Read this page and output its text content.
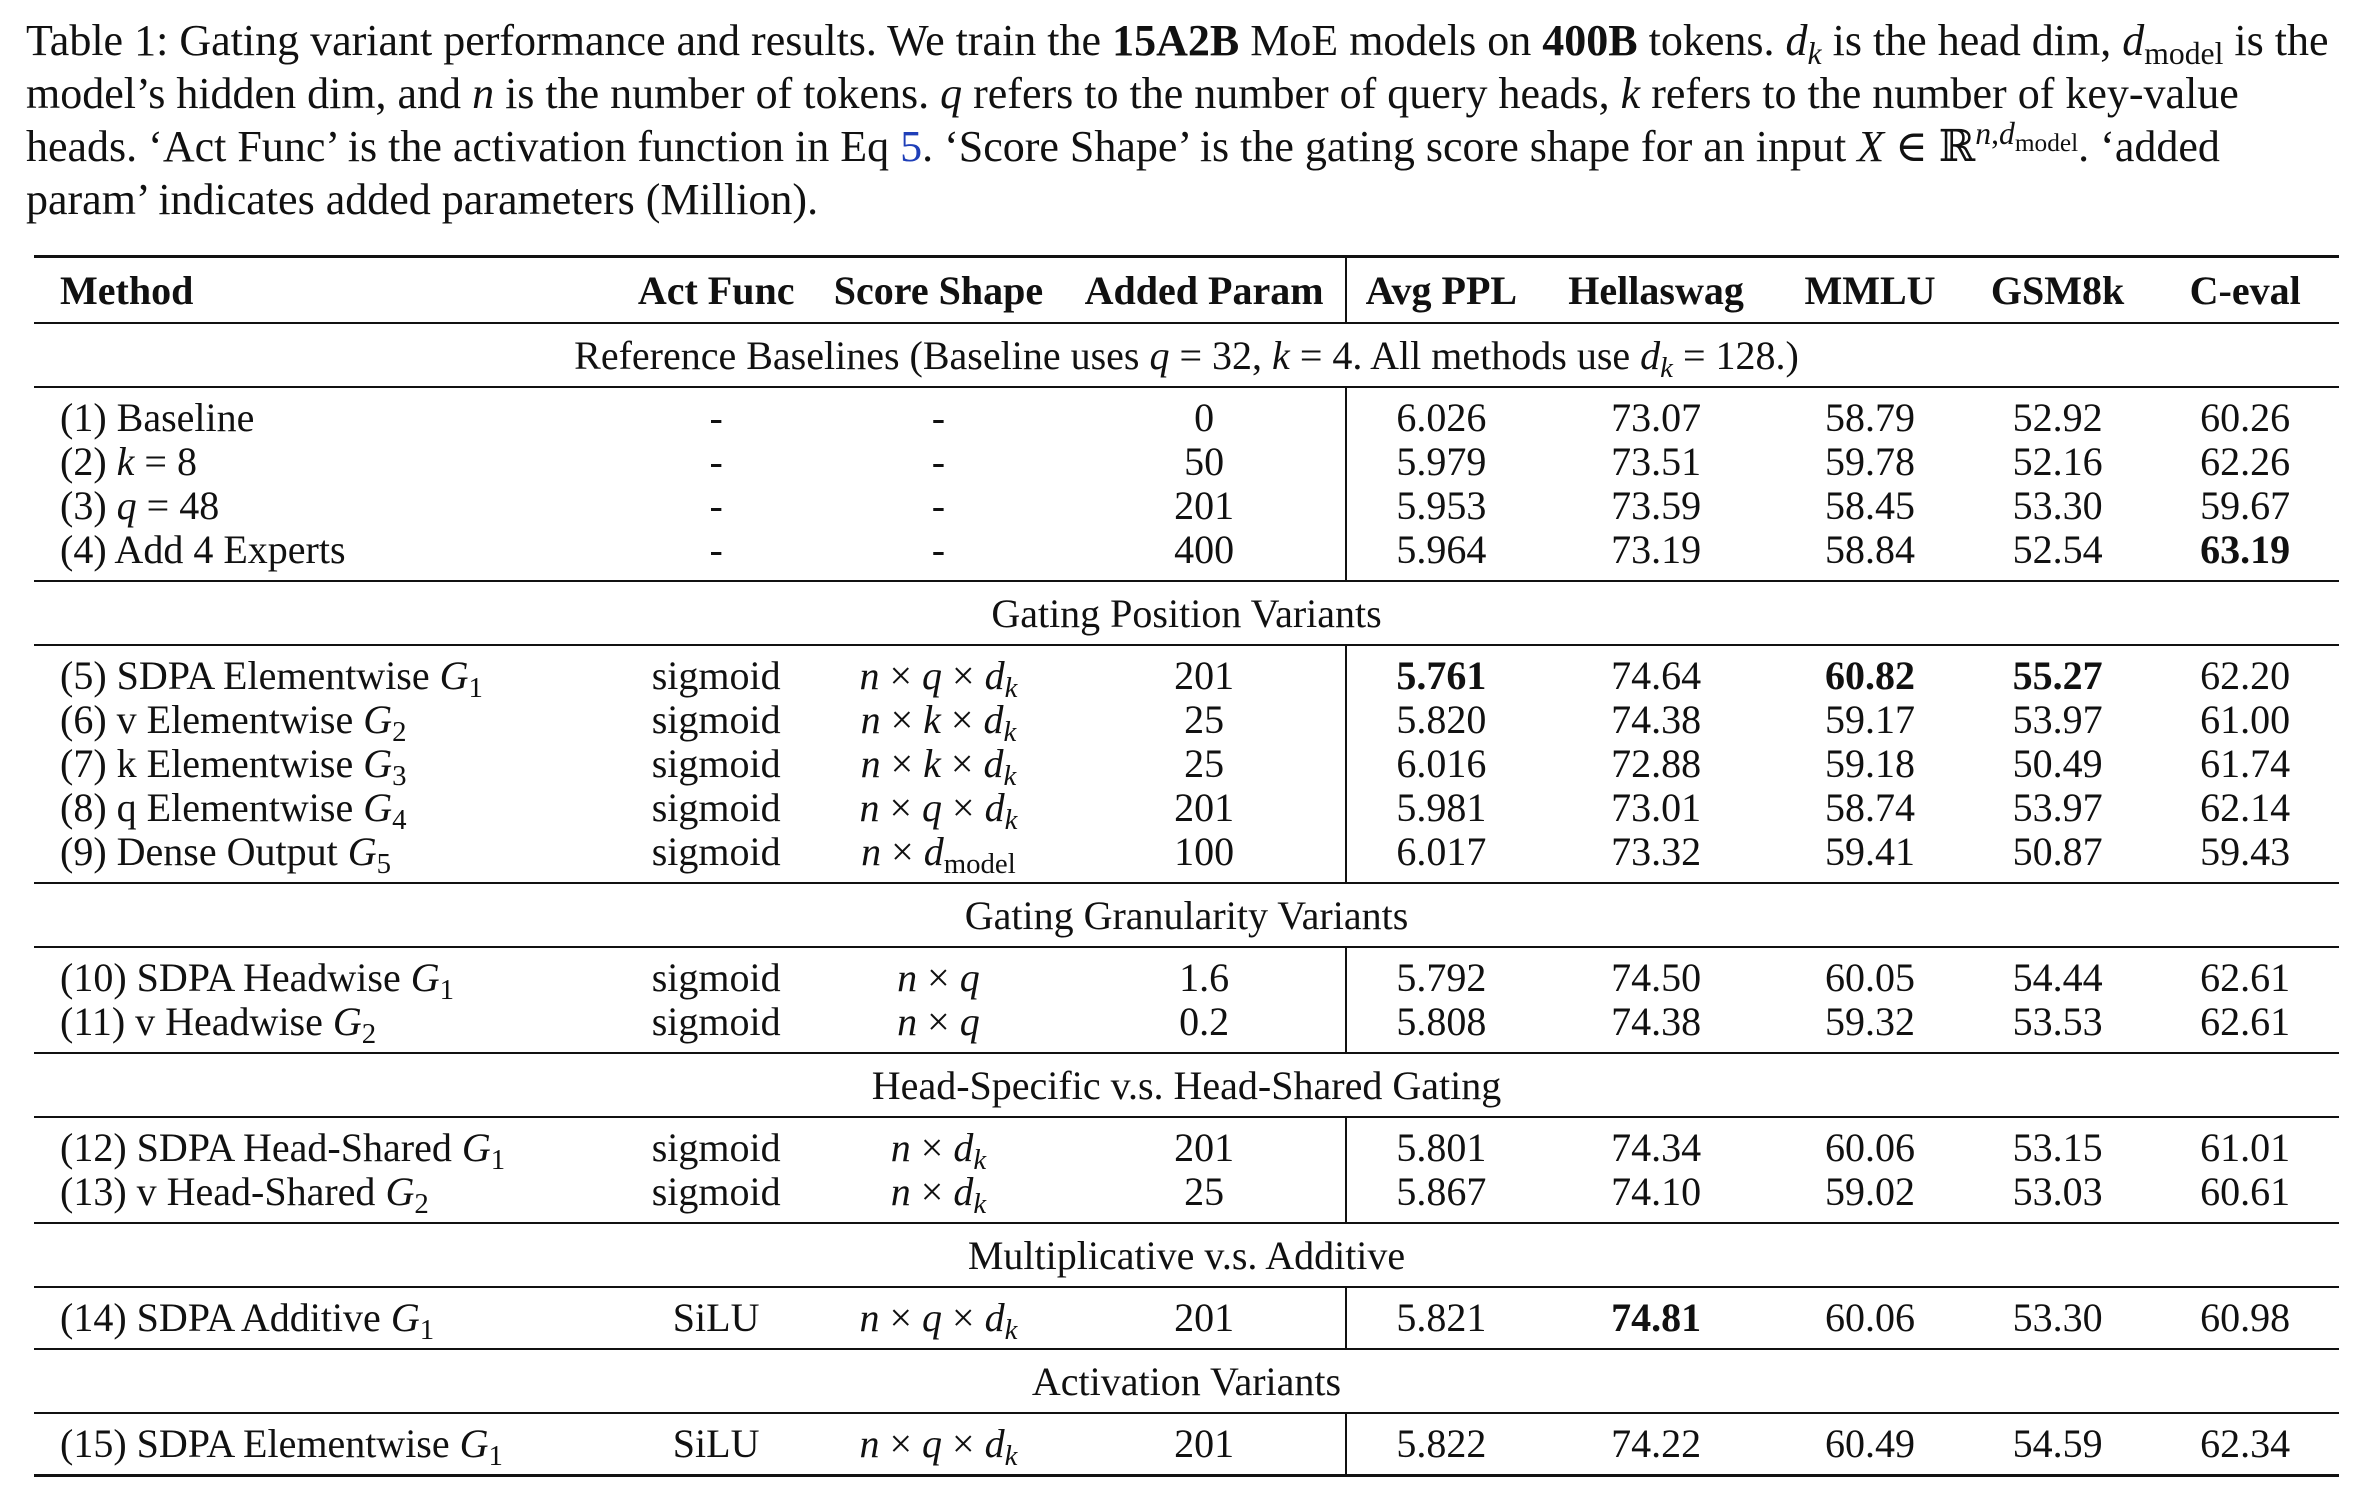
Table 1: Gating variant performance and results. We train the 15A2B MoE models on 400B tokens. $d_k$ is the head dim, $d_{model}$ is the model’s hidden dim, and n is the number of tokens. q refers to the number of query heads, k refers to the number of key-value heads. ‘Act Func’ is the activation function in Eq 5. ‘Score Shape’ is the gating score shape for an input X ∈ ℝ$^{n,d_{model}}$. ‘added param’ indicates added parameters (Million).
Method	Act Func	Score Shape	Added Param	Avg PPL	Hellaswag	MMLU	GSM8k	C-eval
Reference Baselines (Baseline uses q = 32, k = 4. All methods use $d_k = 128$.)								
(1) Baseline	-	-	0	6.026	73.07	58.79	52.92	60.26
(2) k = 8	-	-	50	5.979	73.51	59.78	52.16	62.26
(3) q = 48	-	-	201	5.953	73.59	58.45	53.30	59.67
(4) Add 4 Experts	-	-	400	5.964	73.19	58.84	52.54	63.19
Gating Position Variants								
(5) SDPA Elementwise $G_1$	sigmoid	$n \times q \times d_k$	201	5.761	74.64	60.82	55.27	62.20
(6) v Elementwise $G_2$	sigmoid	$n \times k \times d_k$	25	5.820	74.38	59.17	53.97	61.00
(7) k Elementwise $G_3$	sigmoid	$n \times k \times d_k$	25	6.016	72.88	59.18	50.49	61.74
(8) q Elementwise $G_4$	sigmoid	$n \times q \times d_k$	201	5.981	73.01	58.74	53.97	62.14
(9) Dense Output $G_5$	sigmoid	$n \times d_{model}$	100	6.017	73.32	59.41	50.87	59.43
Gating Granularity Variants								
(10) SDPA Headwise $G_1$	sigmoid	n × q	1.6	5.792	74.50	60.05	54.44	62.61
(11) v Headwise $G_2$	sigmoid	n × q	0.2	5.808	74.38	59.32	53.53	62.61
Head-Specific v.s. Head-Shared Gating								
(12) SDPA Head-Shared $G_1$	sigmoid	$n \times d_k$	201	5.801	74.34	60.06	53.15	61.01
(13) v Head-Shared $G_2$	sigmoid	$n \times d_k$	25	5.867	74.10	59.02	53.03	60.61
Multiplicative v.s. Additive								
(14) SDPA Additive $G_1$	SiLU	$n \times q \times d_k$	201	5.821	74.81	60.06	53.30	60.98
Activation Variants								
(15) SDPA Elementwise $G_1$	SiLU	$n \times q \times d_k$	201	5.822	74.22	60.49	54.59	62.34
